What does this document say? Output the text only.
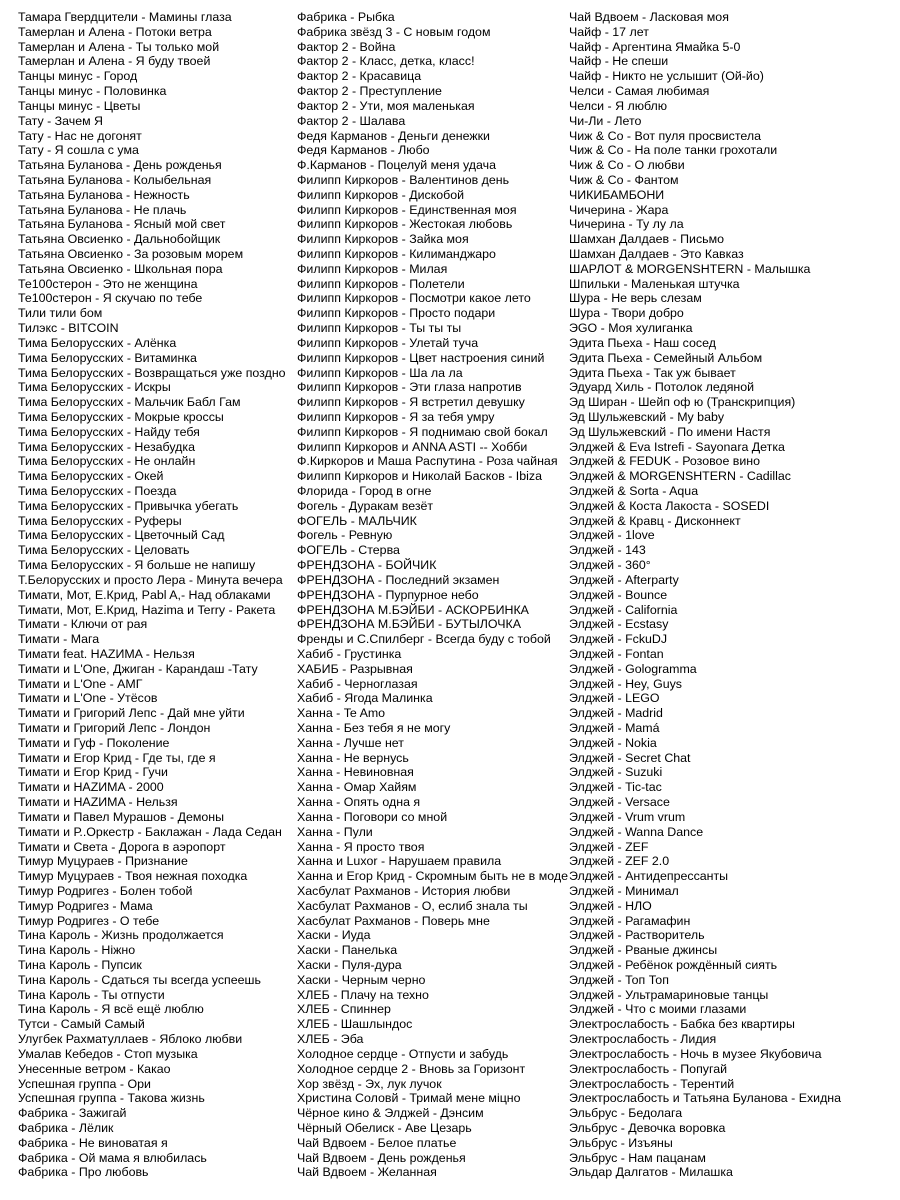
Тамара Гвердцители - Мамины глаза
Тамерлан и Алена - Потоки ветра
Тамерлан и Алена - Ты только мой
Тамерлан и Алена - Я буду твоей
Танцы минус - Город
Танцы минус - Половинка
Танцы минус - Цветы
Тату - Зачем Я
Тату - Нас не догонят
Тату - Я сошла с ума
Татьяна Буланова - День рожденья
Татьяна Буланова - Колыбельная
Татьяна Буланова - Нежность
Татьяна Буланова - Не плачь
Татьяна Буланова - Ясный мой свет
Татьяна Овсиенко - Дальнобойщик
Татьяна Овсиенко - За розовым морем
Татьяна Овсиенко - Школьная пора
Те100стерон - Это не женщина
Те100стерон - Я скучаю по тебе
Тили тили бом
Тилэкс - BITCOIN
Тима Белорусских - Алёнка
Тима Белорусских - Витаминка
Тима Белорусских - Возвращаться уже поздно
Тима Белорусских - Искры
Тима Белорусских - Мальчик Бабл Гам
Тима Белорусских - Мокрые кроссы
Тима Белорусских - Найду тебя
Тима Белорусских - Незабудка
Тима Белорусских - Не онлайн
Тима Белорусских - Окей
Тима Белорусских - Поезда
Тима Белорусских - Привычка убегать
Тима Белорусских - Руферы
Тима Белорусских - Цветочный Сад
Тима Белорусских - Целовать
Тима Белорусских - Я больше не напишу
Т.Белорусских и просто Лера - Минута вечера
Тимати, Мот, Е.Крид, Pabl A,- Над облаками
Тимати, Мот, Е.Крид, Hazima и Terry - Ракета
Тимати - Ключи от рая
Тимати - Мага
Тимати feat. HAZИMA - Нельзя
Тимати и L'One, Джиган - Карандаш -Тату
Тимати и L'One - АМГ
Тимати и L'One - Утёсов
Тимати и Григорий Лепс - Дай мне уйти
Тимати и Григорий Лепс - Лондон
Тимати и Гуф - Поколение
Тимати и Егор Крид - Где ты, где я
Тимати и Егор Крид - Гучи
Тимати и HAZИMA - 2000
Тимати и HAZИMA - Нельзя
Тимати и Павел Мурашов - Демоны
Тимати и Р..Оркестр - Баклажан - Лада Седан
Тимати и Света - Дорога в аэропорт
Тимур Муцураев - Признание
Тимур Муцураев - Твоя нежная походка
Тимур Родригез - Болен тобой
Тимур Родригез - Мама
Тимур Родригез - О тебе
Тина Кароль - Жизнь продолжается
Тина Кароль - Ніжно
Тина Кароль - Пупсик
Тина Кароль - Сдаться ты всегда успеешь
Тина Кароль - Ты отпусти
Тина Кароль - Я всё ещё люблю
Тутси - Самый Самый
Улугбек Рахматуллаев - Яблоко любви
Умалав Кебедов - Стоп музыка
Унесенные ветром - Какао
Успешная группа - Ори
Успешная группа - Такова жизнь
Фабрика - Зажигай
Фабрика - Лёлик
Фабрика - Не виноватая я
Фабрика - Ой мама я влюбилась
Фабрика - Про любовь
Фабрика - Рыбка
Фабрика звёзд 3 - С новым годом
Фактор 2 - Война
Фактор 2 - Класс, детка, класс!
Фактор 2 - Красавица
Фактор 2 - Преступление
Фактор 2 - Ути, моя маленькая
Фактор 2 - Шалава
Федя Карманов - Деньги денежки
Федя Карманов - Любо
Ф.Карманов - Поцелуй меня удача
Филипп Киркоров - Валентинов день
Филипп Киркоров - Дискобой
Филипп Киркоров - Единственная моя
Филипп Киркоров - Жестокая любовь
Филипп Киркоров - Зайка моя
Филипп Киркоров - Килиманджаро
Филипп Киркоров - Милая
Филипп Киркоров - Полетели
Филипп Киркоров - Посмотри какое лето
Филипп Киркоров - Просто подари
Филипп Киркоров - Ты ты ты
Филипп Киркоров - Улетай туча
Филипп Киркоров - Цвет настроения синий
Филипп Киркоров - Ша ла ла
Филипп Киркоров - Эти глаза напротив
Филипп Киркоров - Я встретил девушку
Филипп Киркоров - Я за тебя умру
Филипп Киркоров - Я поднимаю свой бокал
Филипп Киркоров и ANNA ASTI -- Хобби
Ф.Киркоров и Маша Распутина - Роза чайная
Филипп Киркоров и Николай Басков - Ibiza
Флорида - Город в огне
Фогель - Дуракам везёт
ФОГЕЛЬ - МАЛЬЧИК
Фогель - Ревную
ФОГЕЛЬ - Стерва
ФРЕНДЗОНА - БОЙЧИК
ФРЕНДЗОНА - Последний экзамен
ФРЕНДЗОНА - Пурпурное небо
ФРЕНДЗОНА М.БЭЙБИ - АСКОРБИНКА
ФРЕНДЗОНА М.БЭЙБИ - БУТЫЛОЧКА
Френды и С.Спилберг - Всегда буду с тобой
Хабиб - Грустинка
ХАБИБ - Разрывная
Хабиб - Черноглазая
Хабиб - Ягода Малинка
Ханна - Te Amo
Ханна - Без тебя я не могу
Ханна - Лучше нет
Ханна - Не вернусь
Ханна - Невиновная
Ханна - Омар Хайям
Ханна - Опять одна я
Ханна - Поговори со мной
Ханна - Пули
Ханна - Я просто твоя
Ханна и Luxor - Нарушаем правила
Ханна и Егор Крид - Скромным быть не в моде
Хасбулат Рахманов - История любви
Хасбулат Рахманов - О, еслиб знала ты
Хасбулат Рахманов - Поверь мне
Хаски - Иуда
Хаски - Панелька
Хаски - Пуля-дура
Хаски - Черным черно
ХЛЕБ - Плачу на техно
ХЛЕБ - Спиннер
ХЛЕБ - Шашлындос
ХЛЕБ - Эба
Холодное сердце - Отпусти и забудь
Холодное сердце 2 - Вновь за Горизонт
Хор звёзд - Эх, лук лучок
Христина Соловй - Тримай мене міцно
Чёрное кино & Элджей - Дэнсим
Чёрный Обелиск - Аве Цезарь
Чай Вдвоем - Белое платье
Чай Вдвоем - День рожденья
Чай Вдвоем - Желанная
Чай Вдвоем - Ласковая моя
Чайф - 17 лет
Чайф - Аргентина Ямайка 5-0
Чайф - Не спеши
Чайф - Никто не услышит (Ой-йо)
Челси - Самая любимая
Челси - Я люблю
Чи-Ли - Лето
Чиж & Co - Вот пуля просвистела
Чиж & Co - На поле танки грохотали
Чиж & Co - О любви
Чиж & Co - Фантом
ЧИКИБАМБОНИ
Чичерина - Жара
Чичерина - Ту лу ла
Шамхан Далдаев - Письмо
Шамхан Далдаев - Это Кавказ
ШАРЛОТ & MORGENSHTERN - Малышка
Шпильки - Маленькая штучка
Шура - Не верь слезам
Шура - Твори добро
ЭGO - Моя хулиганка
Эдита Пьеха - Наш сосед
Эдита Пьеха - Семейный Альбом
Эдита Пьеха - Так уж бывает
Эдуард Хиль - Потолок ледяной
Эд Ширан - Шейп оф ю (Транскрипция)
Эд Шульжевский - My baby
Эд Шульжевский - По имени Настя
Элджей & Eva Istrefi - Sayonara Детка
Элджей & FEDUK - Розовое вино
Элджей & MORGENSHTERN - Cadillac
Элджей & Sorta - Aqua
Элджей & Коста Лакоста - SOSEDI
Элджей & Кравц - Дисконнект
Элджей - 1love
Элджей - 143
Элджей - 360°
Элджей - Afterparty
Элджей - Bounce
Элджей - California
Элджей - Ecstasy
Элджей - FckuDJ
Элджей - Fontan
Элджей - Gologramma
Элджей - Hey, Guys
Элджей - LEGO
Элджей - Madrid
Элджей - Mamá
Элджей - Nokia
Элджей - Secret Chat
Элджей - Suzuki
Элджей - Tic-tac
Элджей - Versace
Элджей - Vrum vrum
Элджей - Wanna Dance
Элджей - ZEF
Элджей - ZEF 2.0
Элджей - Антидепрессанты
Элджей - Минимал
Элджей - НЛО
Элджей - Рагамафин
Элджей - Растворитель
Элджей - Рваные джинсы
Элджей - Ребёнок рождённый сиять
Элджей - Топ Топ
Элджей - Ультрамариновые танцы
Элджей - Что с моими глазами
Электрослабость - Бабка без квартиры
Электрослабость - Лидия
Электрослабость - Ночь в музее Якубовича
Электрослабость - Попугай
Электрослабость - Терентий
Электрослабость и Татьяна Буланова - Ехидна
Эльбрус - Бедолага
Эльбрус - Девочка воровка
Эльбрус - Изъяны
Эльбрус - Нам пацанам
Эльдар Далгатов - Милашка
